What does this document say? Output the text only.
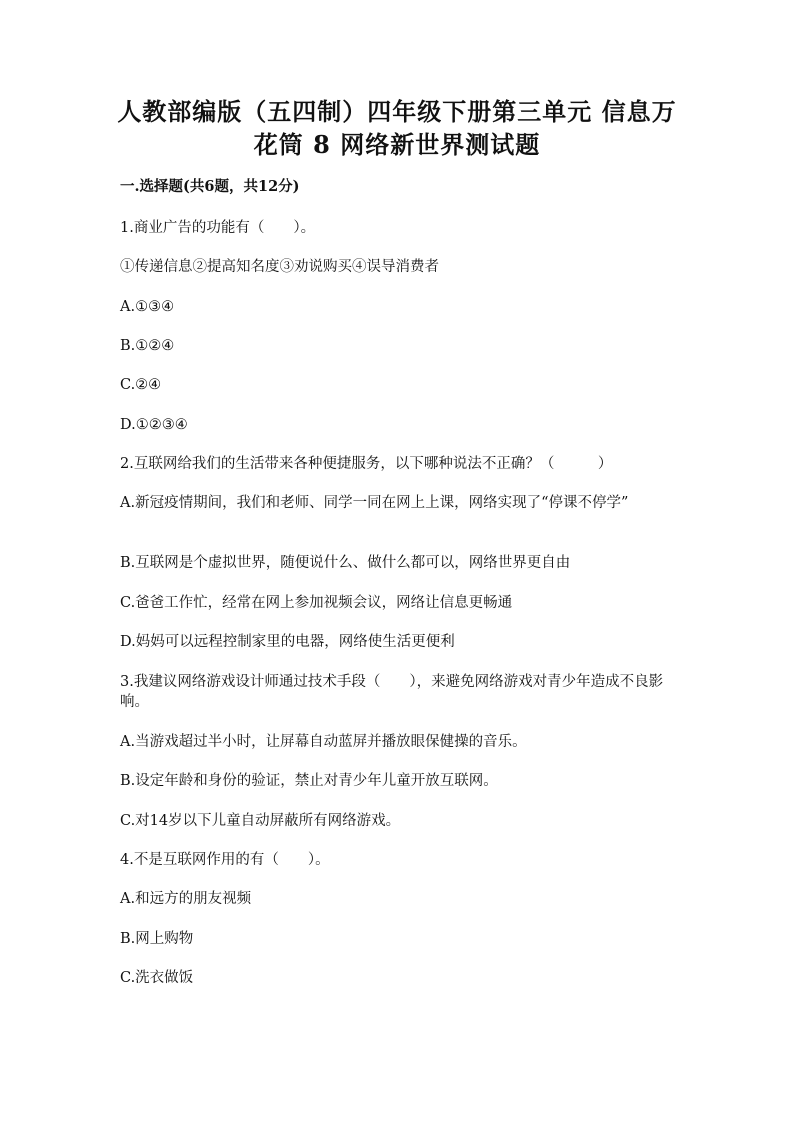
人教部编版（五四制）四年级下册第三单元 信息万
花筒 8 网络新世界测试题
一.选择题(共6题，共12分)
1.商业广告的功能有（　　）。
①传递信息②提高知名度③劝说购买④误导消费者
A.①③④
B.①②④
C.②④
D.①②③④
2.互联网给我们的生活带来各种便捷服务，以下哪种说法不正确？（　　　）
A.新冠疫情期间，我们和老师、同学一同在网上上课，网络实现了“停课不停学”
B.互联网是个虚拟世界，随便说什么、做什么都可以，网络世界更自由
C.爸爸工作忙，经常在网上参加视频会议，网络让信息更畅通
D.妈妈可以远程控制家里的电器，网络使生活更便利
3.我建议网络游戏设计师通过技术手段（　　），来避免网络游戏对青少年造成不良影响。
A.当游戏超过半小时，让屏幕自动蓝屏并播放眼保健操的音乐。
B.设定年龄和身份的验证，禁止对青少年儿童开放互联网。
C.对14岁以下儿童自动屏蔽所有网络游戏。
4.不是互联网作用的有（　　）。
A.和远方的朋友视频
B.网上购物
C.洗衣做饭
